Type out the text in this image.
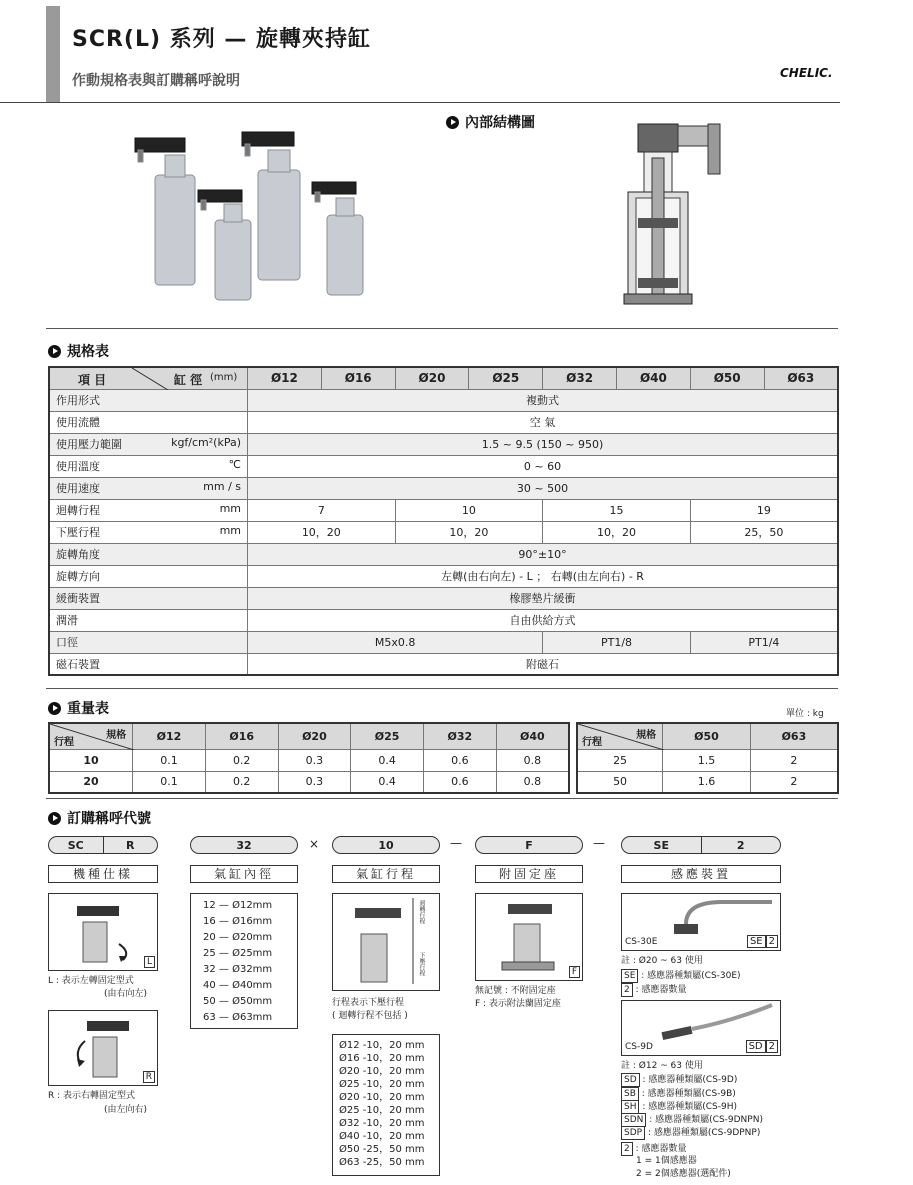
SCR(L) 系列 — 旋轉夾持缸
作動規格表與訂購稱呼說明	CHELIC.
內部結構圖
規格表
項 目 缸 徑 (mm)	Ø12	Ø16	Ø20	Ø25	Ø32	Ø40	Ø50	Ø63
作用形式	複動式							
使用流體	空 氣							
使用壓力範圍 kgf/cm²(kPa)	1.5 ~ 9.5 (150 ~ 950)							
使用溫度 ℃	0 ~ 60							
使用速度 mm / s	30 ~ 500							
迴轉行程 mm	7		10		15		19	
下壓行程 mm	10，20		10，20		10，20		25，50	
旋轉角度	90°±10°							
旋轉方向	左轉(由右向左) - L ； 右轉(由左向右) - R							
緩衝裝置	橡膠墊片緩衝							
潤滑	自由供給方式							
口徑	M5x0.8				PT1/8		PT1/4	
磁石裝置	附磁石							
重量表	單位 : kg
規格
行程	Ø12	Ø16	Ø20	Ø25	Ø32	Ø40
10	0.1	0.2	0.3	0.4	0.6	0.8
20	0.1	0.2	0.3	0.4	0.6	0.8
規格
行程	Ø50	Ø63
25	1.5	2
50	1.6	2
訂購稱呼代號
SC	R	32	×	10	—	F	—	SE	2
機種仕樣	氣缸內徑	氣缸行程	附固定座	感應裝置
L
L : 表示左轉固定型式
(由右向左)
R
R : 表示右轉固定型式
(由左向右)
12 — Ø12mm
16 — Ø16mm
20 — Ø20mm
25 — Ø25mm
32 — Ø32mm
40 — Ø40mm
50 — Ø50mm
63 — Ø63mm
迴轉行程
下壓行程
行程表示下壓行程
( 迴轉行程不包括 )
Ø12 -10，20 mm
Ø16 -10，20 mm
Ø20 -10，20 mm
Ø25 -10，20 mm
Ø20 -10，20 mm
Ø25 -10，20 mm
Ø32 -10，20 mm
Ø40 -10，20 mm
Ø50 -25，50 mm
Ø63 -25，50 mm
F
無記號 : 不附固定座
F : 表示附法蘭固定座
CS-30E	SE 2
註 : Ø20 ~ 63 使用
SE : 感應器種類屬(CS-30E)
2 : 感應器數量
CS-9D	SD 2
註 : Ø12 ~ 63 使用
SD : 感應器種類屬(CS-9D)
SB : 感應器種類屬(CS-9B)
SH : 感應器種類屬(CS-9H)
SDN : 感應器種類屬(CS-9DNPN)
SDP : 感應器種類屬(CS-9DPNP)
2 : 感應器數量
1 = 1個感應器
2 = 2個感應器(選配件)
